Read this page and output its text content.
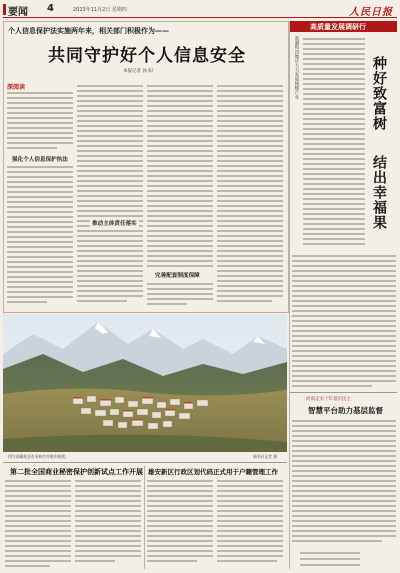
要闻 4	2023年11月2日 星期四	人民日报
个人信息保护法实施两年来，相关部门积极作为——
共同守护好个人信息安全
本报记者 孙 阳
深阅读
强化个人信息保护执法
完善配套制度保障
推动主体责任落实
图为西藏林芝市米林市丹娘乡新貌。	新华社记者 摄
第二批全国商业秘密保护创新试点工作开展 雄安新区行政区划代码正式用于户籍管理工作
高质量发展调研行
新疆和田地区大力发展核桃产业	种好致富树
结出幸福果
河南走实十年基层民主
智慧平台助力基层监督
